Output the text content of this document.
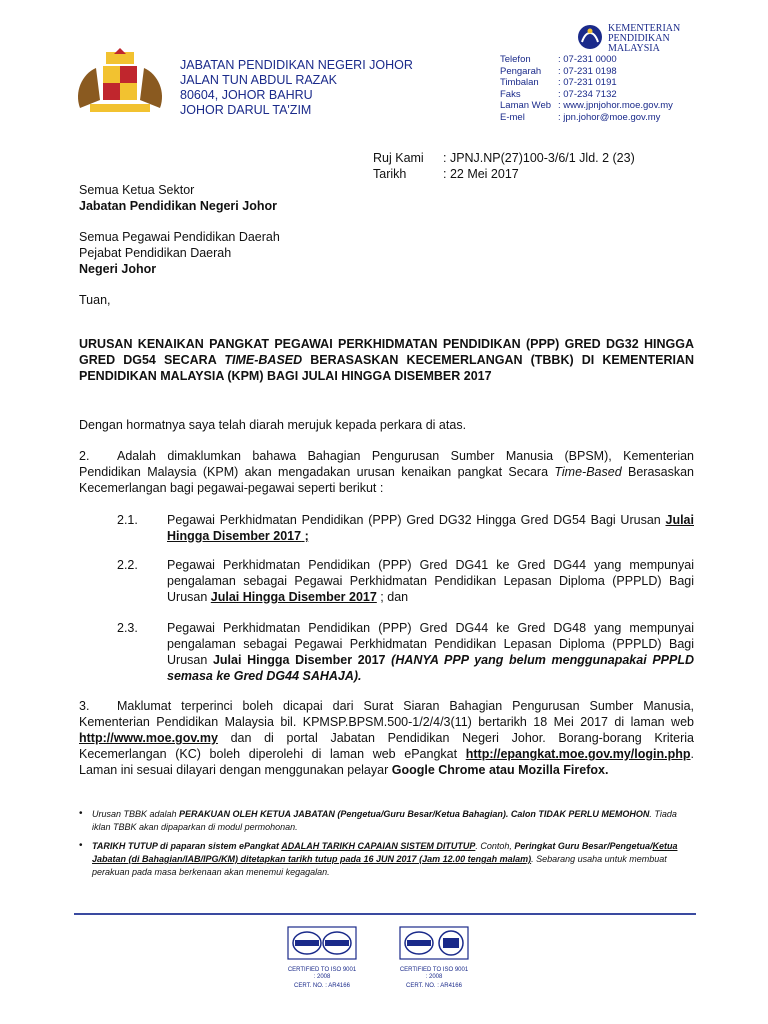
JABATAN PENDIDIKAN NEGERI JOHOR
JALAN TUN ABDUL RAZAK
80604, JOHOR BAHRU
JOHOR DARUL TA'ZIM
KEMENTERIAN
PENDIDIKAN
MALAYSIA
Telefon	: 07-231 0000
Pengarah	: 07-231 0198
Timbalan	: 07-231 0191
Faks	: 07-234 7132
Laman Web : www.jpnjohor.moe.gov.my
E-mel	: jpn.johor@moe.gov.my
Ruj Kami	: JPNJ.NP(27)100-3/6/1 Jld. 2 (23)
Tarikh	: 22 Mei 2017
Semua Ketua Sektor
Jabatan Pendidikan Negeri Johor
Semua Pegawai Pendidikan Daerah
Pejabat Pendidikan Daerah
Negeri Johor
Tuan,
URUSAN KENAIKAN PANGKAT PEGAWAI PERKHIDMATAN PENDIDIKAN (PPP) GRED DG32 HINGGA GRED DG54 SECARA TIME-BASED BERASASKAN KECEMERLANGAN (TBBK) DI KEMENTERIAN PENDIDIKAN MALAYSIA (KPM) BAGI JULAI HINGGA DISEMBER 2017
Dengan hormatnya saya telah diarah merujuk kepada perkara di atas.
2. Adalah dimaklumkan bahawa Bahagian Pengurusan Sumber Manusia (BPSM), Kementerian Pendidikan Malaysia (KPM) akan mengadakan urusan kenaikan pangkat Secara Time-Based Berasaskan Kecemerlangan bagi pegawai-pegawai seperti berikut :
2.1. Pegawai Perkhidmatan Pendidikan (PPP) Gred DG32 Hingga Gred DG54 Bagi Urusan Julai Hingga Disember 2017 ;
2.2. Pegawai Perkhidmatan Pendidikan (PPP) Gred DG41 ke Gred DG44 yang mempunyai pengalaman sebagai Pegawai Perkhidmatan Pendidikan Lepasan Diploma (PPPLD) Bagi Urusan Julai Hingga Disember 2017 ; dan
2.3. Pegawai Perkhidmatan Pendidikan (PPP) Gred DG44 ke Gred DG48 yang mempunyai pengalaman sebagai Pegawai Perkhidmatan Pendidikan Lepasan Diploma (PPPLD) Bagi Urusan Julai Hingga Disember 2017 (HANYA PPP yang belum menggunapakai PPPLD semasa ke Gred DG44 SAHAJA).
3. Maklumat terperinci boleh dicapai dari Surat Siaran Bahagian Pengurusan Sumber Manusia, Kementerian Pendidikan Malaysia bil. KPMSP.BPSM.500-1/2/4/3(11) bertarikh 18 Mei 2017 di laman web http://www.moe.gov.my dan di portal Jabatan Pendidikan Negeri Johor. Borang-borang Kriteria Kecemerlangan (KC) boleh diperolehi di laman web ePangkat http://epangkat.moe.gov.my/login.php. Laman ini sesuai dilayari dengan menggunakan pelayar Google Chrome atau Mozilla Firefox.
• Urusan TBBK adalah PERAKUAN OLEH KETUA JABATAN (Pengetua/Guru Besar/Ketua Bahagian). Calon TIDAK PERLU MEMOHON. Tiada iklan TBBK akan dipaparkan di modul permohonan.
• TARIKH TUTUP di paparan sistem ePangkat ADALAH TARIKH CAPAIAN SISTEM DITUTUP. Contoh, Peringkat Guru Besar/Pengetua/Ketua Jabatan (di Bahagian/IAB/IPG/KM) ditetapkan tarikh tutup pada 16 JUN 2017 (Jam 12.00 tengah malam). Sebarang usaha untuk membuat perakuan pada masa berkenaan akan menemui kegagalan.
CERTIFIED TO ISO 9001 : 2008
CERT. NO. : AR4166
CERTIFIED TO ISO 9001 : 2008
CERT. NO. : AR4166
